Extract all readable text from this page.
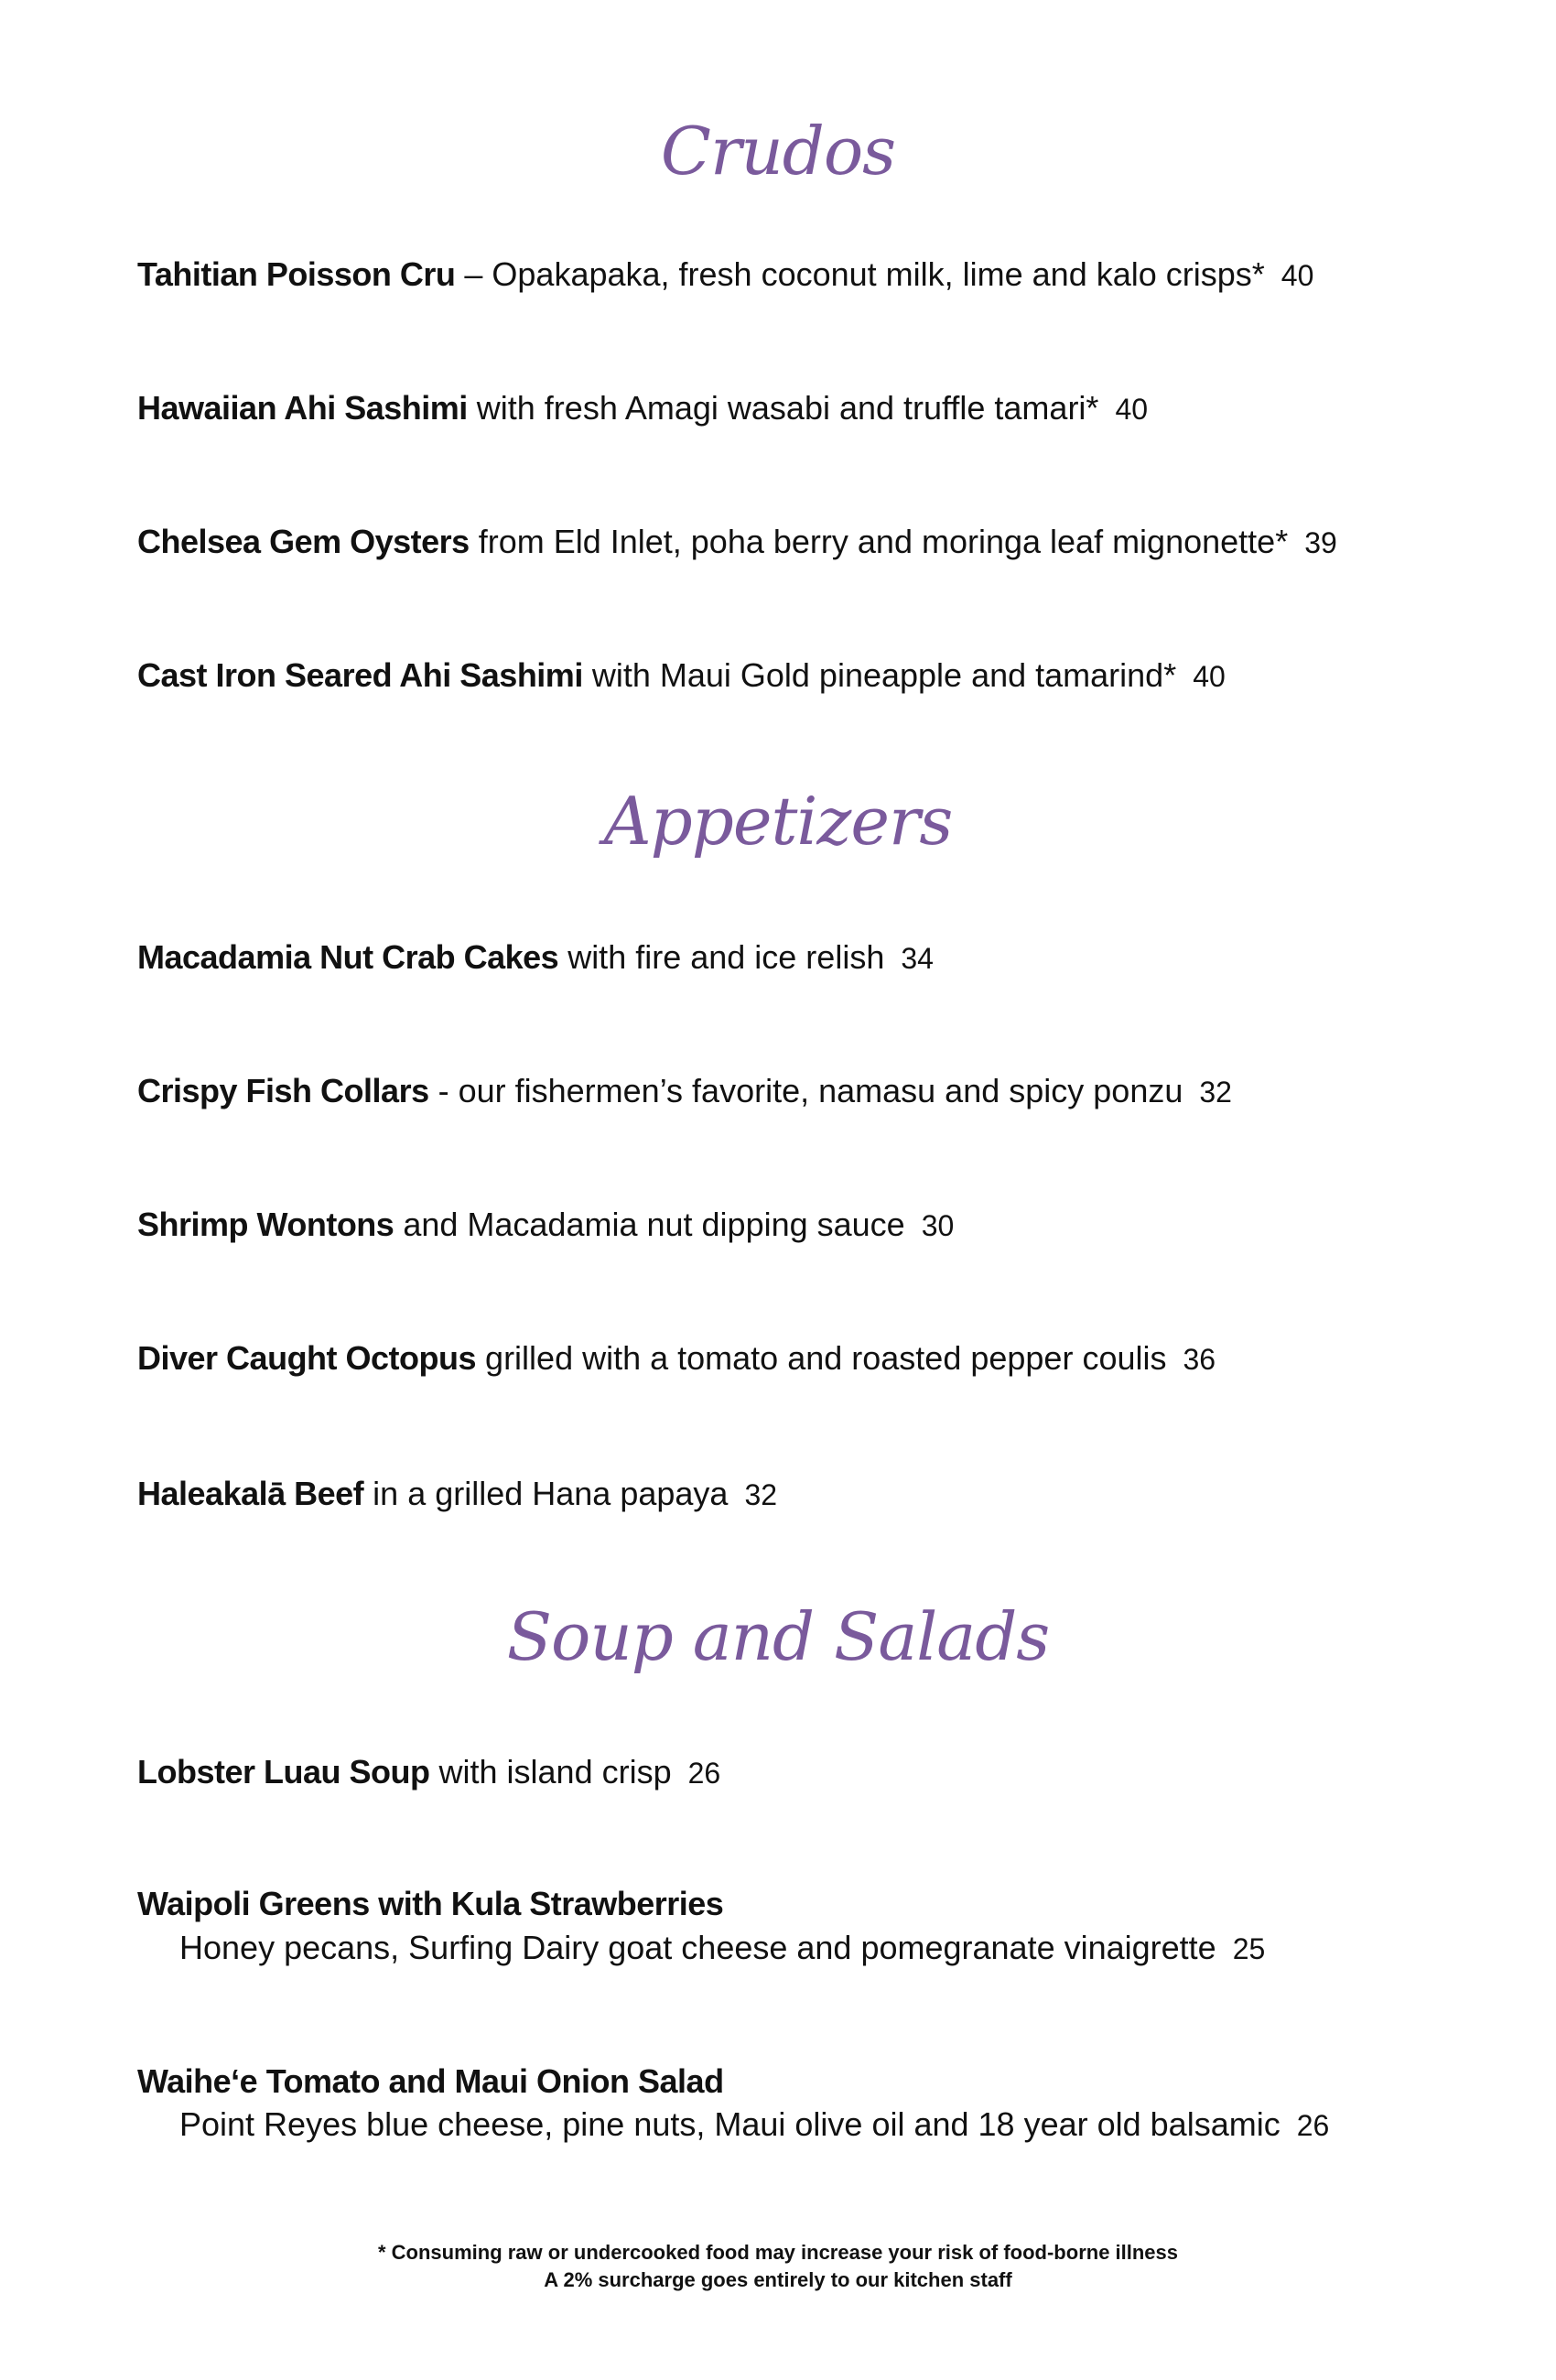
Crudos
Tahitian Poisson Cru – Opakapaka, fresh coconut milk, lime and kalo crisps* 40
Hawaiian Ahi Sashimi with fresh Amagi wasabi and truffle tamari* 40
Chelsea Gem Oysters from Eld Inlet, poha berry and moringa leaf mignonette* 39
Cast Iron Seared Ahi Sashimi with Maui Gold pineapple and tamarind* 40
Appetizers
Macadamia Nut Crab Cakes with fire and ice relish 34
Crispy Fish Collars - our fishermen’s favorite, namasu and spicy ponzu 32
Shrimp Wontons and Macadamia nut dipping sauce 30
Diver Caught Octopus grilled with a tomato and roasted pepper coulis 36
Haleakalā Beef in a grilled Hana papaya 32
Soup and Salads
Lobster Luau Soup with island crisp 26
Waipoli Greens with Kula Strawberries
Honey pecans, Surfing Dairy goat cheese and pomegranate vinaigrette 25
Waihe‘e Tomato and Maui Onion Salad
Point Reyes blue cheese, pine nuts, Maui olive oil and 18 year old balsamic 26
* Consuming raw or undercooked food may increase your risk of food-borne illness
A 2% surcharge goes entirely to our kitchen staff
